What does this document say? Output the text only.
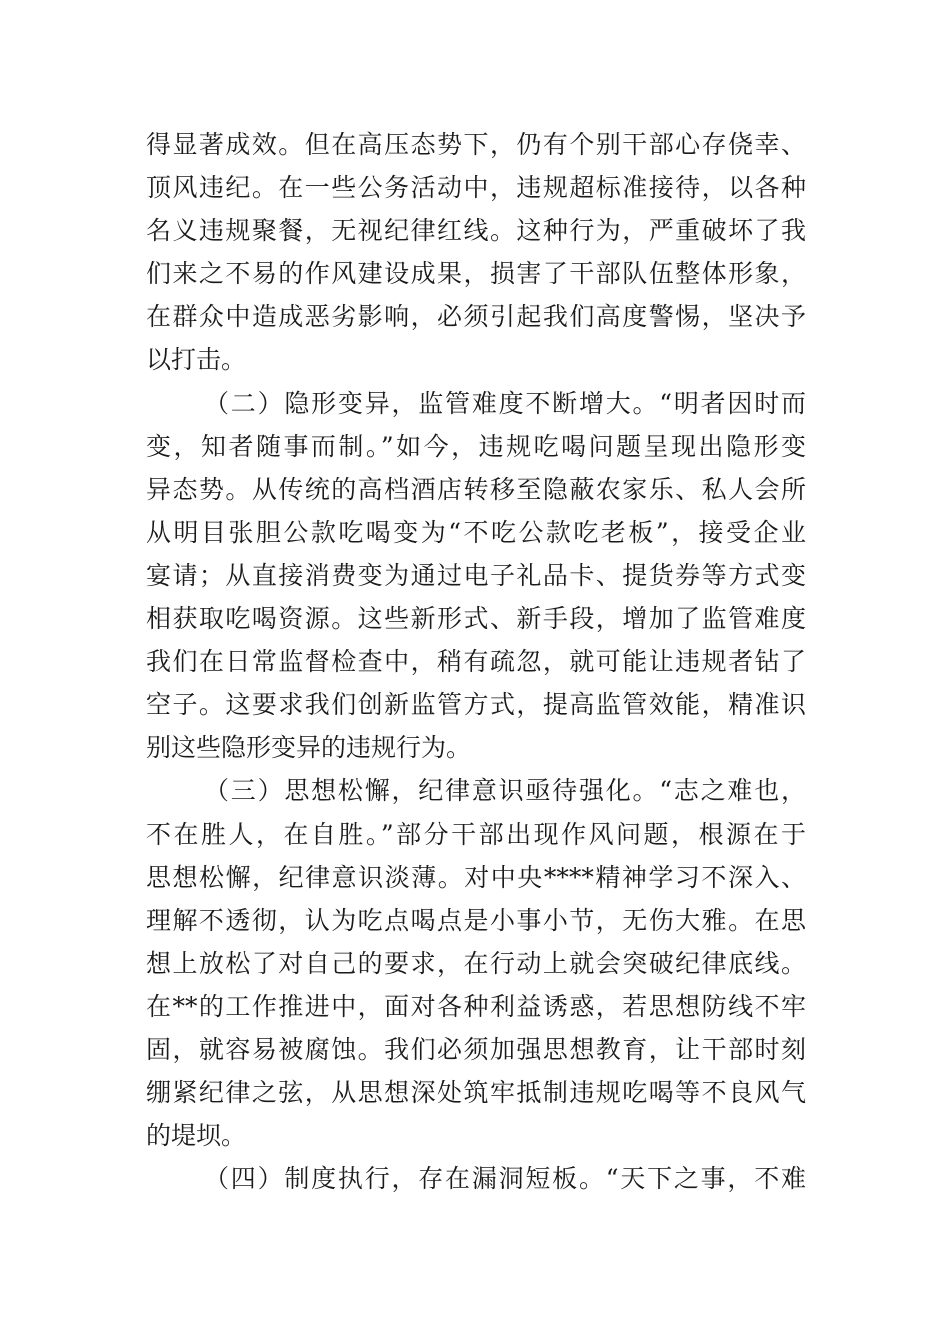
得显著成效。但在高压态势下，仍有个别干部心存侥幸、
顶风违纪。在一些公务活动中，违规超标准接待，以各种
名义违规聚餐，无视纪律红线。这种行为，严重破坏了我
们来之不易的作风建设成果，损害了干部队伍整体形象，
在群众中造成恶劣影响，必须引起我们高度警惕，坚决予
以打击。
（二）隐形变异，监管难度不断增大。“明者因时而
变，知者随事而制。”如今，违规吃喝问题呈现出隐形变
异态势。从传统的高档酒店转移至隐蔽农家乐、私人会所
从明目张胆公款吃喝变为“不吃公款吃老板”，接受企业
宴请；从直接消费变为通过电子礼品卡、提货券等方式变
相获取吃喝资源。这些新形式、新手段，增加了监管难度
我们在日常监督检查中，稍有疏忽，就可能让违规者钻了
空子。这要求我们创新监管方式，提高监管效能，精准识
别这些隐形变异的违规行为。
（三）思想松懈，纪律意识亟待强化。“志之难也，
不在胜人，在自胜。”部分干部出现作风问题，根源在于
思想松懈，纪律意识淡薄。对中央****精神学习不深入、
理解不透彻，认为吃点喝点是小事小节，无伤大雅。在思
想上放松了对自己的要求，在行动上就会突破纪律底线。
在**的工作推进中，面对各种利益诱惑，若思想防线不牢
固，就容易被腐蚀。我们必须加强思想教育，让干部时刻
绷紧纪律之弦，从思想深处筑牢抵制违规吃喝等不良风气
的堤坝。
（四）制度执行，存在漏洞短板。“天下之事，不难
